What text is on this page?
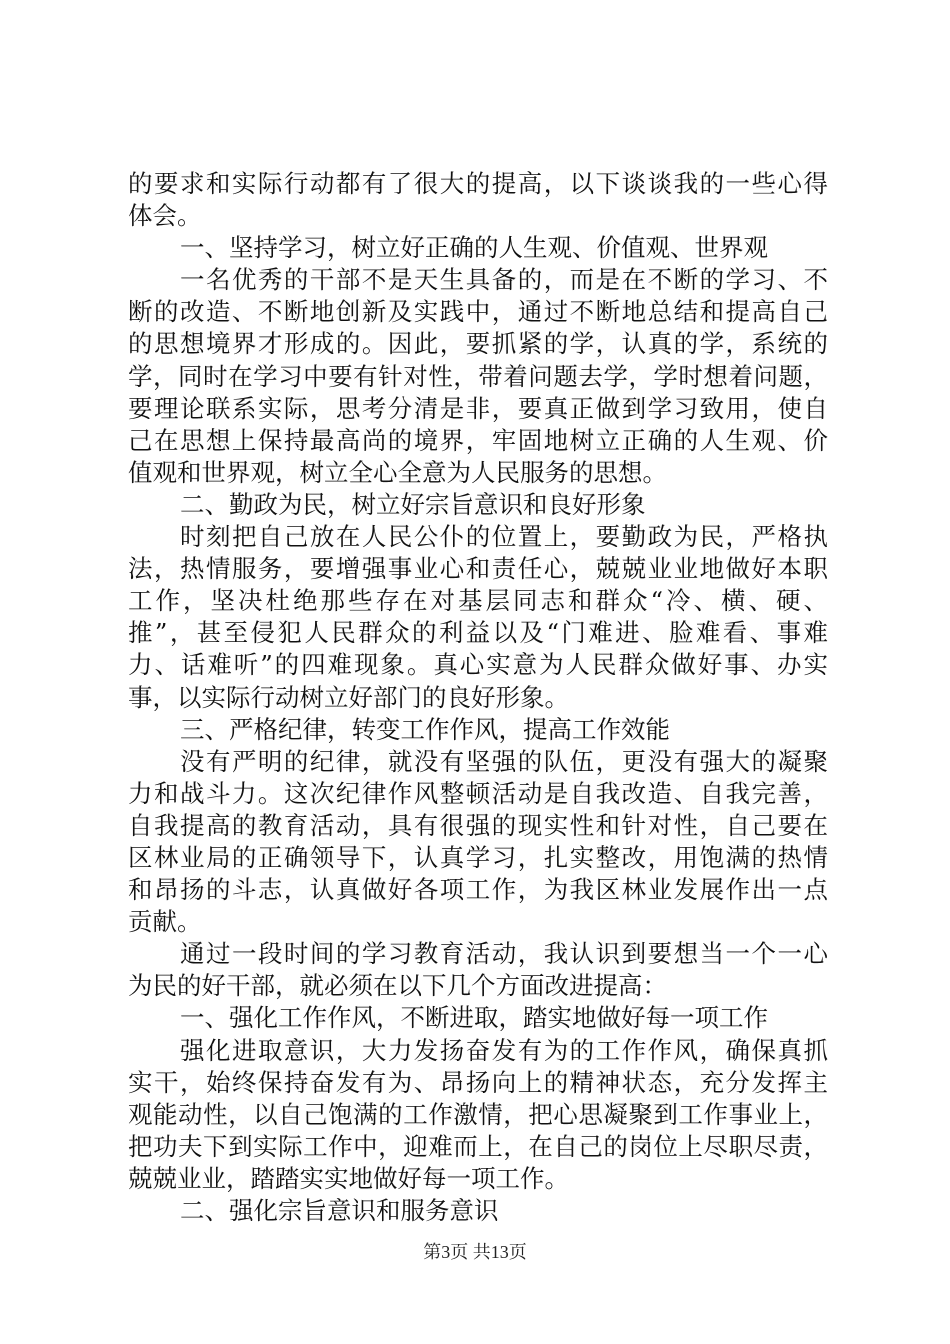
的要求和实际行动都有了很大的提高，以下谈谈我的一些心得
体会。
一、坚持学习，树立好正确的人生观、价值观、世界观
一名优秀的干部不是天生具备的，而是在不断的学习、不
断的改造、不断地创新及实践中，通过不断地总结和提高自己
的思想境界才形成的。因此，要抓紧的学，认真的学，系统的
学，同时在学习中要有针对性，带着问题去学，学时想着问题，
要理论联系实际，思考分清是非，要真正做到学习致用，使自
己在思想上保持最高尚的境界，牢固地树立正确的人生观、价
值观和世界观，树立全心全意为人民服务的思想。
二、勤政为民，树立好宗旨意识和良好形象
时刻把自己放在人民公仆的位置上，要勤政为民，严格执
法，热情服务，要增强事业心和责任心，兢兢业业地做好本职
工作，坚决杜绝那些存在对基层同志和群众“冷、横、硬、
推”，甚至侵犯人民群众的利益以及“门难进、脸难看、事难
力、话难听”的四难现象。真心实意为人民群众做好事、办实
事，以实际行动树立好部门的良好形象。
三、严格纪律，转变工作作风，提高工作效能
没有严明的纪律，就没有坚强的队伍，更没有强大的凝聚
力和战斗力。这次纪律作风整顿活动是自我改造、自我完善，
自我提高的教育活动，具有很强的现实性和针对性，自己要在
区林业局的正确领导下，认真学习，扎实整改，用饱满的热情
和昂扬的斗志，认真做好各项工作，为我区林业发展作出一点
贡献。
通过一段时间的学习教育活动，我认识到要想当一个一心
为民的好干部，就必须在以下几个方面改进提高：
一、强化工作作风，不断进取，踏实地做好每一项工作
强化进取意识，大力发扬奋发有为的工作作风，确保真抓
实干，始终保持奋发有为、昂扬向上的精神状态，充分发挥主
观能动性，以自己饱满的工作激情，把心思凝聚到工作事业上，
把功夫下到实际工作中，迎难而上，在自己的岗位上尽职尽责，
兢兢业业，踏踏实实地做好每一项工作。
二、强化宗旨意识和服务意识
第3页 共13页
